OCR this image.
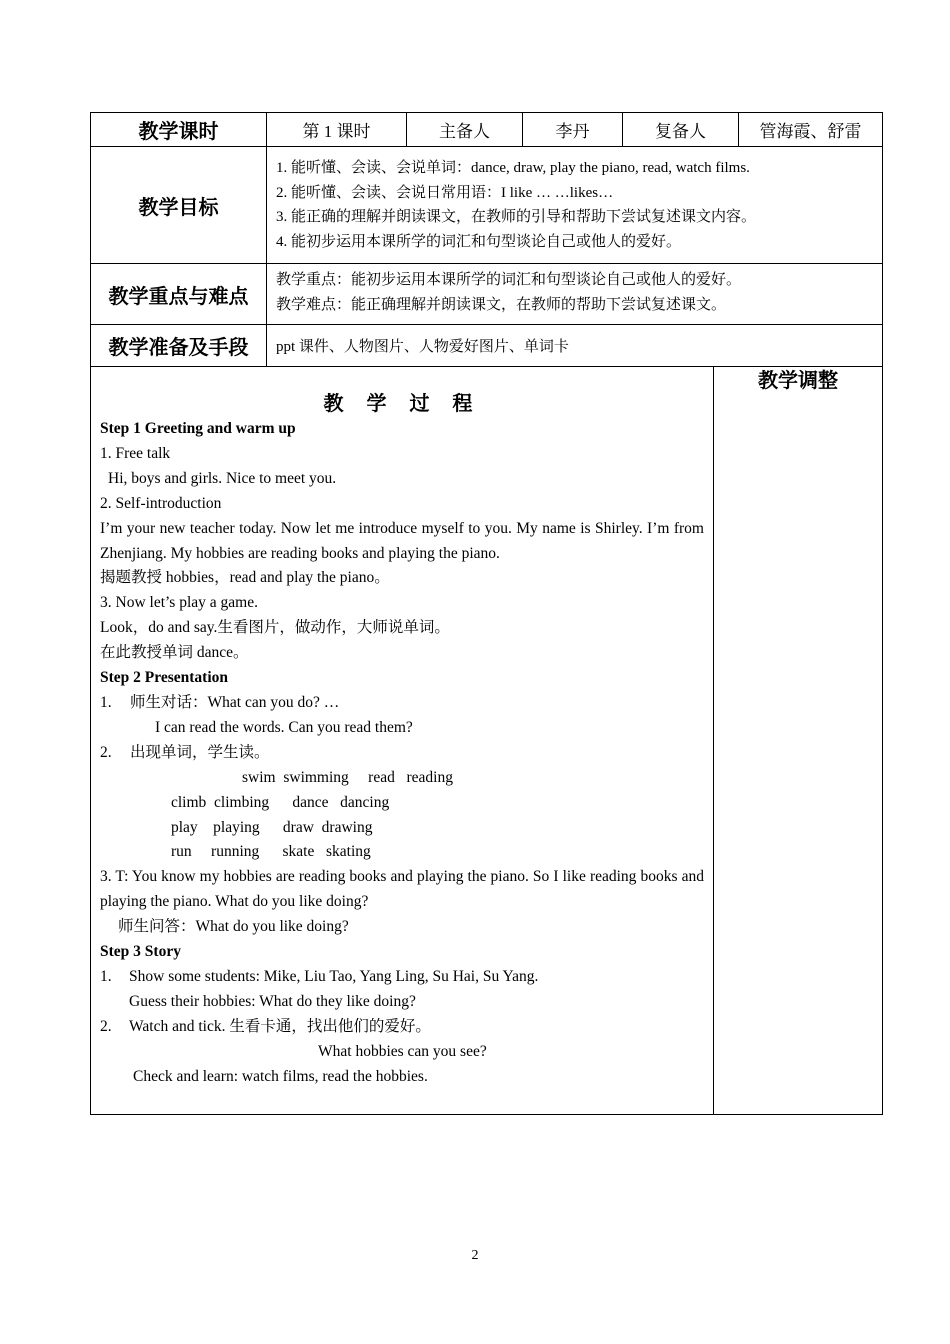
教学课时	第 1 课时	主备人	李丹	复备人	管海霞、舒雷
教学目标	1. 能听懂、会读、会说单词：dance, draw, play the piano, read, watch films.
2. 能听懂、会读、会说日常用语：I like … …likes…
3. 能正确的理解并朗读课文，在教师的引导和帮助下尝试复述课文内容。
4. 能初步运用本课所学的词汇和句型谈论自己或他人的爱好。				

教学重点与难点	教学重点：能初步运用本课所学的词汇和句型谈论自己或他人的爱好。
教学难点：能正确理解并朗读课文，在教师的帮助下尝试复述课文。				

教学准备及手段	ppt 课件、人物图片、人物爱好图片、单词卡				
教 学 过 程
Step 1 Greeting and warm up
1. Free talk
Hi, boys and girls. Nice to meet you.
2. Self-introduction
I’m your new teacher today. Now let me introduce myself to you. My name is Shirley. I’m from Zhenjiang. My hobbies are reading books and playing the piano.
揭题教授 hobbies，read and play the piano。
3. Now let’s play a game.
Look，do and say.生看图片，做动作，大师说单词。
在此教授单词 dance。
Step 2 Presentation
1. 师生对话：What can you do? …
I can read the words. Can you read them?
2. 出现单词，学生读。
swim  swimming     read   reading
climb  climbing      dance   dancing
play    playing      draw  drawing
run     running      skate   skating
3. T: You know my hobbies are reading books and playing the piano. So I like reading books and playing the piano. What do you like doing?
师生问答：What do you like doing?
Step 3 Story
1. Show some students: Mike, Liu Tao, Yang Ling, Su Hai, Su Yang.
Guess their hobbies: What do they like doing?
2. Watch and tick. 生看卡通，找出他们的爱好。
What hobbies can you see?
Check and learn: watch films, read the hobbies.

教学调整
2
